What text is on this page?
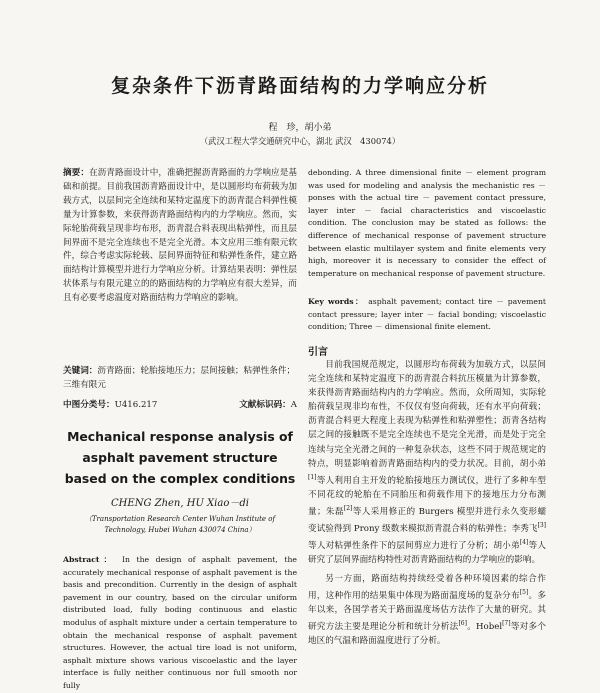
复杂条件下沥青路面结构的力学响应分析
程　珍，胡小弟
（武汉工程大学交通研究中心，湖北 武汉　430074）
摘要：在沥青路面设计中，准确把握沥青路面的力学响应是基础和前提。目前我国沥青路面设计中，是以圆形均布荷载为加载方式，以层间完全连续和某特定温度下的沥青混合料弹性模量为计算参数，来获得沥青路面结构内的力学响应。然而，实际轮胎荷载呈现非均布形，沥青混合料表现出粘弹性，而且层间界面不是完全连续也不是完全光滑。本文应用三维有限元软件，综合考虑实际轮载、层间界面特征和粘弹性条件，建立路面结构计算模型并进行力学响应分析。计算结果表明：弹性层状体系与有限元建立的的路面结构的力学响应有很大差异，而且有必要考虑温度对路面结构力学响应的影响。
关键词：沥青路面；轮胎接地压力；层间接触；粘弹性条件；三维有限元
中图分类号：U416.217	文献标识码：A
Mechanical response analysis of asphalt pavement structure based on the complex conditions
CHENG Zhen, HU Xiao－di
（Transportation Research Center Wuhan Institute of Technology, Hubei Wuhan 430074 China）
Abstract： In the design of asphalt pavement, the accurately mechanical response of asphalt pavement is the basis and precondition. Currently in the design of asphalt pavement in our country, based on the circular uniform distributed load, fully boding continuous and elastic modulus of asphalt mixture under a certain temperature to obtain the mechanical response of asphalt pavement structures. However, the actual tire load is not uniform, asphalt mixture shows various viscoelastic and the layer interface is fully neither continuous nor full smooth nor fully
debonding. A three dimensional finite － element program was used for modeling and analysis the mechanistic res － ponses with the actual tire － pavement contact pressure, layer inter － facial characteristics and viscoelastic condition. The conclusion may be stated as follows: the difference of mechanical response of pavement structure between elastic multilayer system and finite elements very high, moreover it is necessary to consider the effect of temperature on mechanical response of pavement structure.
Key words： asphalt pavement; contact tire － pavement contact pressure; layer inter － facial bonding; viscoelastic condition; Three － dimensional finite element.
引言

目前我国规范规定，以圆形均布荷载为加载方式，以层间完全连续和某特定温度下的沥青混合料抗压模量为计算参数，来获得沥青路面结构内的力学响应。然而，众所周知，实际轮胎荷载呈现非均布性，不仅仅有竖向荷载，还有水平向荷载；沥青混合料更大程度上表现为粘弹性和粘弹塑性；沥青各结构层之间的接触既不是完全连续也不是完全光滑，而是处于完全连续与完全光滑之间的一种复杂状态，这些不同于规范规定的特点，明显影响着沥青路面结构内的受力状况。目前，胡小弟[1]等人利用自主开发的轮胎接地压力测试仪，进行了多种车型不同花纹的轮胎在不同胎压和荷载作用下的接地压力分布测量；朱磊[2]等人采用修正的 Burgers 模型并进行永久变形蠕变试验得到 Prony 级数来模拟沥青混合料的粘弹性；李秀飞[3]等人对粘弹性条件下的层间剪应力进行了分析；胡小弟[4]等人研究了层间界面结构特性对沥青路面结构的力学响应的影响。

另一方面，路面结构持续经受着各种环境因素的综合作用，这种作用的结果集中体现为路面温度场的复杂分布[5]。多年以来，各国学者关于路面温度场估方法作了大量的研究。其研究方法主要是理论分析和统计分析法[6]。Hobel[7]等对多个地区的气温和路面温度进行了分析。
